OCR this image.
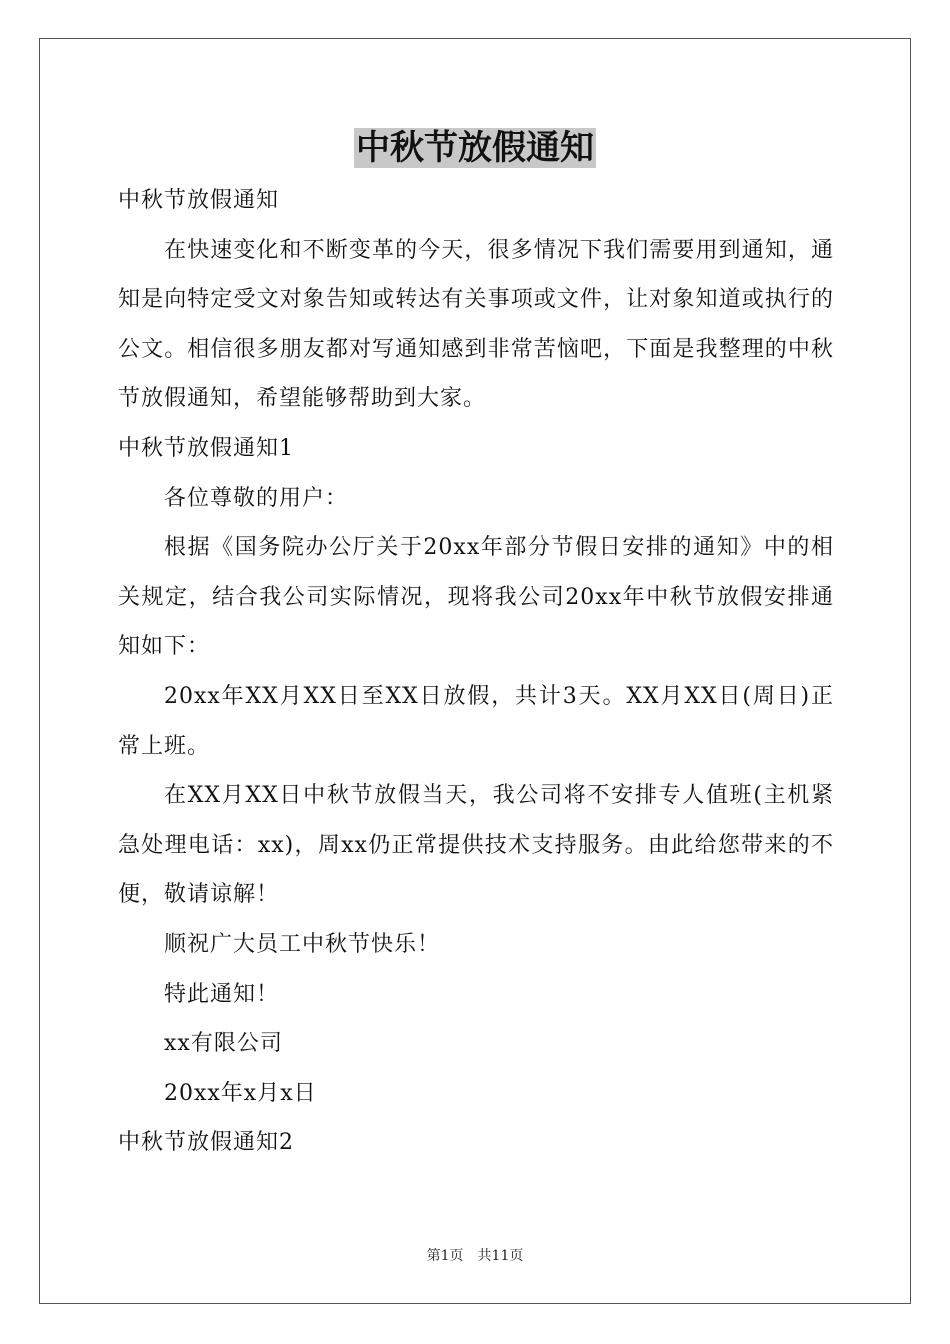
中秋节放假通知

中秋节放假通知

在快速变化和不断变革的今天，很多情况下我们需要用到通知，通知是向特定受文对象告知或转达有关事项或文件，让对象知道或执行的公文。相信很多朋友都对写通知感到非常苦恼吧，下面是我整理的中秋节放假通知，希望能够帮助到大家。

中秋节放假通知1

各位尊敬的用户：

根据《国务院办公厅关于20xx年部分节假日安排的通知》中的相关规定，结合我公司实际情况，现将我公司20xx年中秋节放假安排通知如下：

20xx年XX月XX日至XX日放假，共计3天。XX月XX日(周日)正常上班。

在XX月XX日中秋节放假当天，我公司将不安排专人值班(主机紧急处理电话：xx)，周xx仍正常提供技术支持服务。由此给您带来的不便，敬请谅解！

顺祝广大员工中秋节快乐！

特此通知！

xx有限公司

20xx年x月x日

中秋节放假通知2

第1页 共11页
